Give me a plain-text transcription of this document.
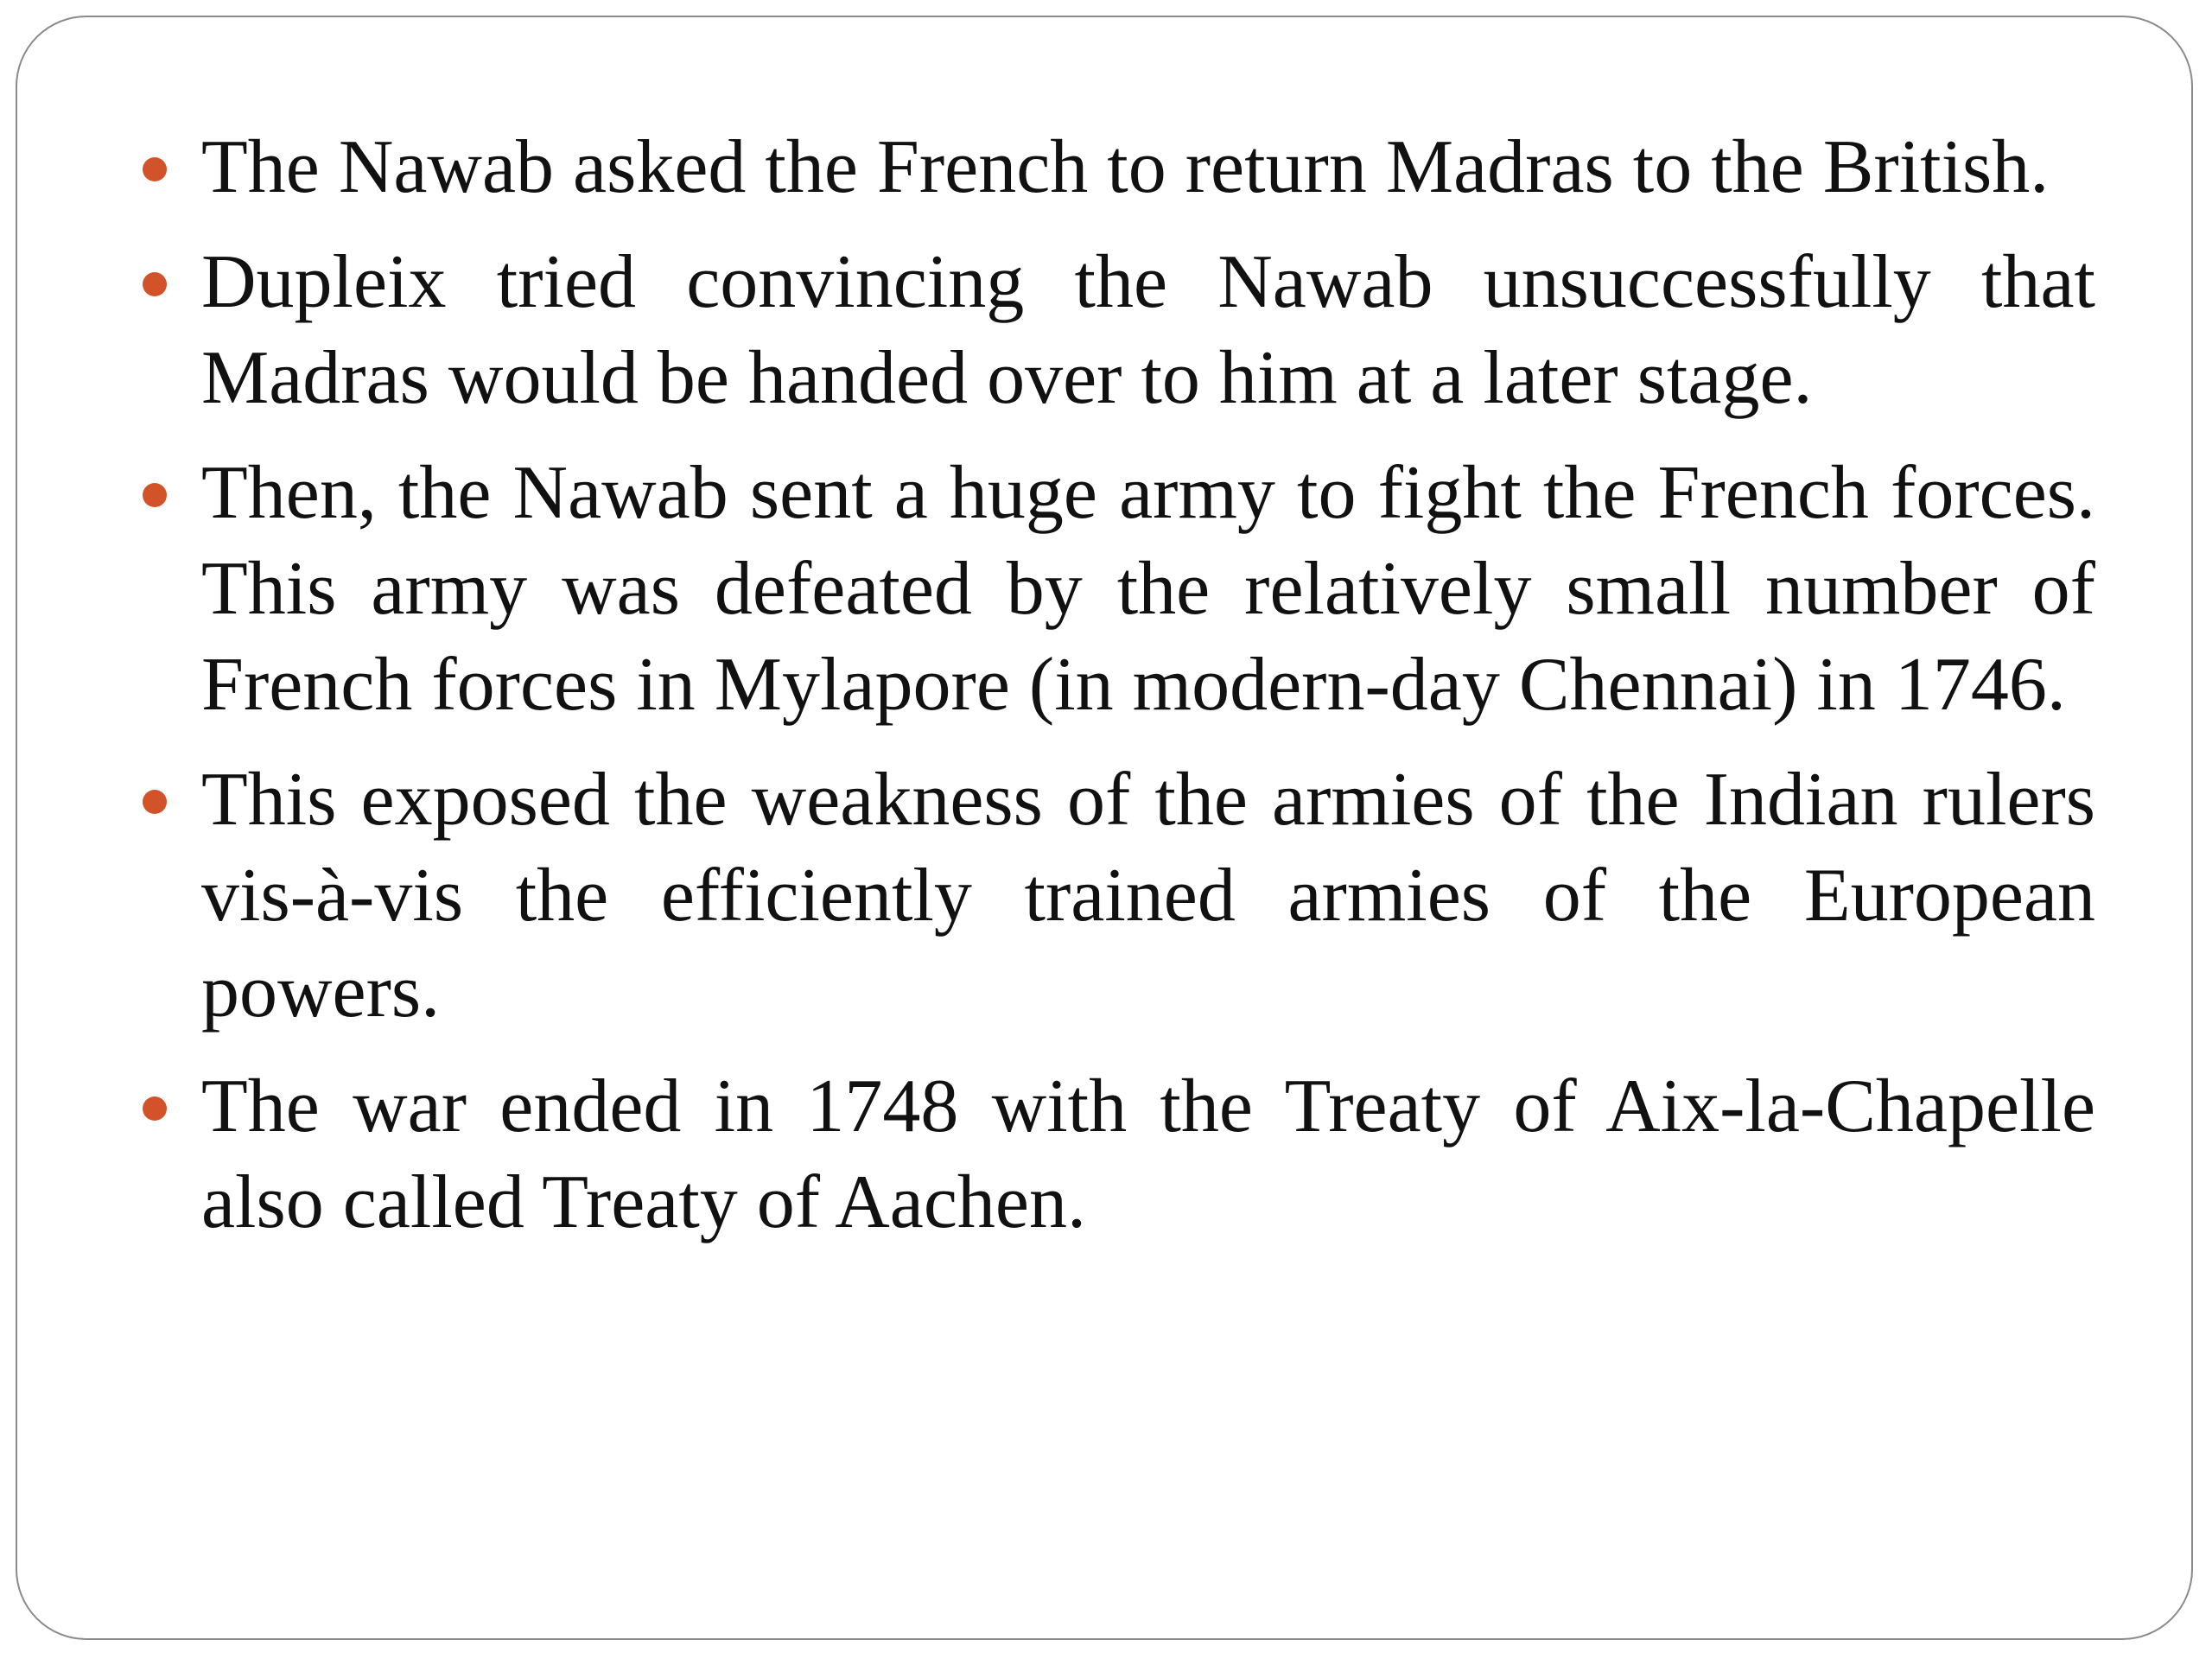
The Nawab asked the French to return Madras to the British.
Dupleix tried convincing the Nawab unsuccessfully that Madras would be handed over to him at a later stage.
Then, the Nawab sent a huge army to fight the French forces. This army was defeated by the relatively small number of French forces in Mylapore (in modern-day Chennai) in 1746.
This exposed the weakness of the armies of the Indian rulers vis-à-vis the efficiently trained armies of the European powers.
The war ended in 1748 with the Treaty of Aix-la-Chapelle also called Treaty of Aachen.
